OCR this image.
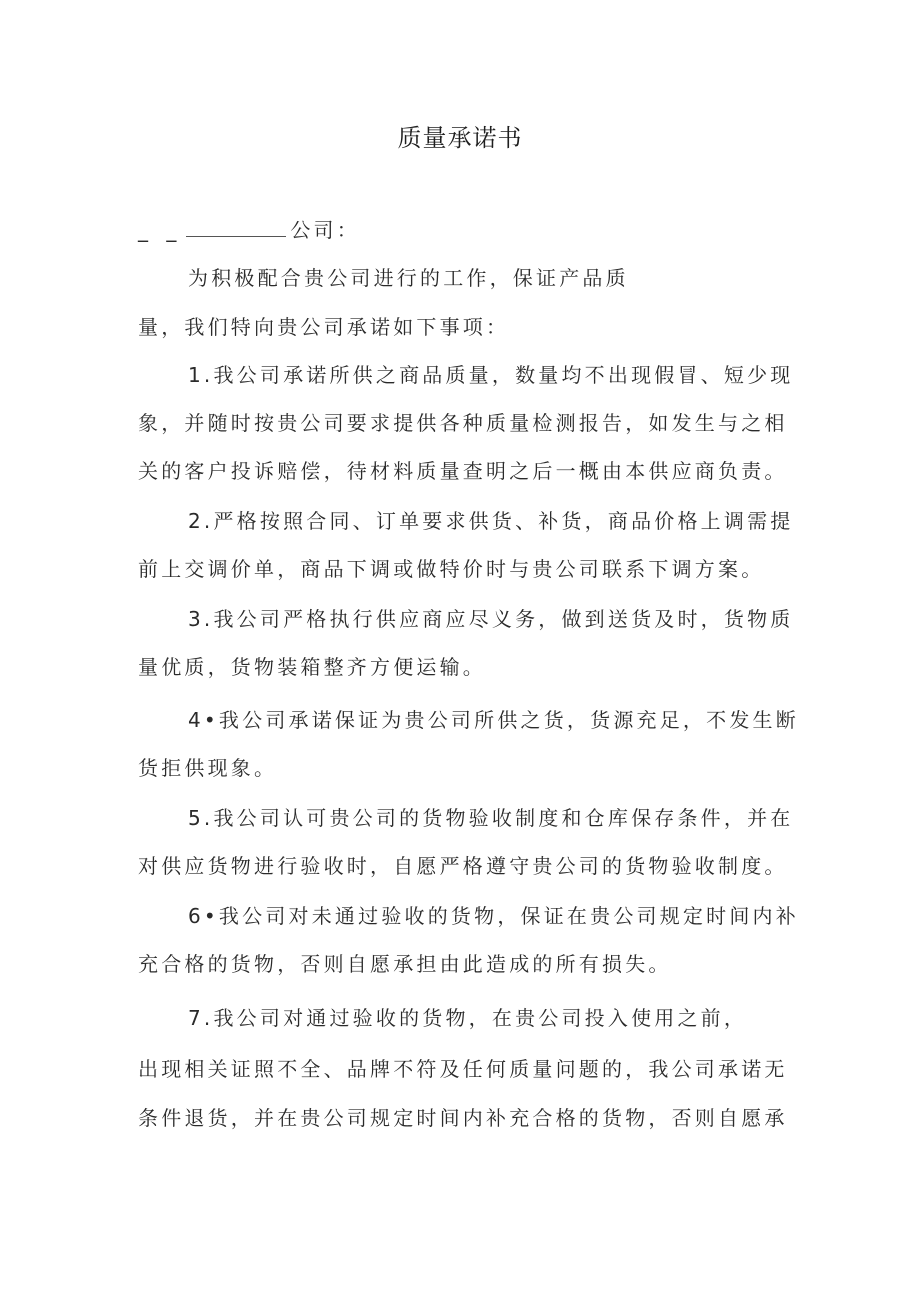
质量承诺书
_ _	公司：
为积极配合贵公司进行的工作，保证产品质
量，我们特向贵公司承诺如下事项：
1.我公司承诺所供之商品质量，数量均不出现假冒、短少现
象，并随时按贵公司要求提供各种质量检测报告，如发生与之相
关的客户投诉赔偿，待材料质量查明之后一概由本供应商负责。
2.严格按照合同、订单要求供货、补货，商品价格上调需提
前上交调价单，商品下调或做特价时与贵公司联系下调方案。
3.我公司严格执行供应商应尽义务，做到送货及时，货物质
量优质，货物装箱整齐方便运输。
4•我公司承诺保证为贵公司所供之货，货源充足，不发生断
货拒供现象。
5.我公司认可贵公司的货物验收制度和仓库保存条件，并在
对供应货物进行验收时，自愿严格遵守贵公司的货物验收制度。
6•我公司对未通过验收的货物，保证在贵公司规定时间内补
充合格的货物，否则自愿承担由此造成的所有损失。
7.我公司对通过验收的货物，在贵公司投入使用之前，
出现相关证照不全、品牌不符及任何质量问题的，我公司承诺无
条件退货，并在贵公司规定时间内补充合格的货物，否则自愿承
